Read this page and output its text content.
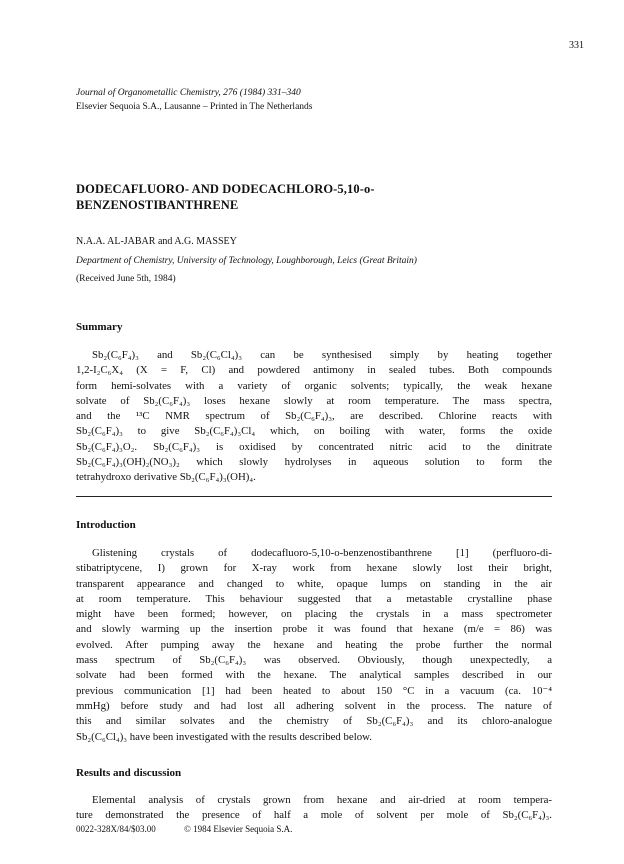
331
Journal of Organometallic Chemistry, 276 (1984) 331–340
Elsevier Sequoia S.A., Lausanne – Printed in The Netherlands
DODECAFLUORO- AND DODECACHLORO-5,10-o-
BENZENOSTIBANTHRENE
N.A.A. AL-JABAR and A.G. MASSEY
Department of Chemistry, University of Technology, Loughborough, Leics (Great Britain)
(Received June 5th, 1984)
Summary
Sb₂(C₆F₄)₃ and Sb₂(C₆Cl₄)₃ can be synthesised simply by heating together
1,2-I₂C₆X₄ (X = F, Cl) and powdered antimony in sealed tubes. Both compounds
form hemi-solvates with a variety of organic solvents; typically, the weak hexane
solvate of Sb₂(C₆F₄)₃ loses hexane slowly at room temperature. The mass spectra,
and the ¹³C NMR spectrum of Sb₂(C₆F₄)₃, are described. Chlorine reacts with
Sb₂(C₆F₄)₃ to give Sb₂(C₆F₄)₃Cl₄ which, on boiling with water, forms the oxide
Sb₂(C₆F₄)₃O₂. Sb₂(C₆F₄)₃ is oxidised by concentrated nitric acid to the dinitrate
Sb₂(C₆F₄)₃(OH)₂(NO₃)₂ which slowly hydrolyses in aqueous solution to form the
tetrahydroxo derivative Sb₂(C₆F₄)₃(OH)₄.
Introduction
Glistening crystals of dodecafluoro-5,10-o-benzenostibanthrene [1] (perfluoro-di-
stibatriptycene, I) grown for X-ray work from hexane slowly lost their bright,
transparent appearance and changed to white, opaque lumps on standing in the air
at room temperature. This behaviour suggested that a metastable crystalline phase
might have been formed; however, on placing the crystals in a mass spectrometer
and slowly warming up the insertion probe it was found that hexane (m/e = 86) was
evolved. After pumping away the hexane and heating the probe further the normal
mass spectrum of Sb₂(C₆F₄)₃ was observed. Obviously, though unexpectedly, a
solvate had been formed with the hexane. The analytical samples described in our
previous communication [1] had been heated to about 150 °C in a vacuum (ca. 10⁻⁴
mmHg) before study and had lost all adhering solvent in the process. The nature of
this and similar solvates and the chemistry of Sb₂(C₆F₄)₃ and its chloro-analogue
Sb₂(C₆Cl₄)₃ have been investigated with the results described below.
Results and discussion
Elemental analysis of crystals grown from hexane and air-dried at room tempera-
ture demonstrated the presence of half a mole of solvent per mole of Sb₂(C₆F₄)₃.
0022-328X/84/$03.00	© 1984 Elsevier Sequoia S.A.
